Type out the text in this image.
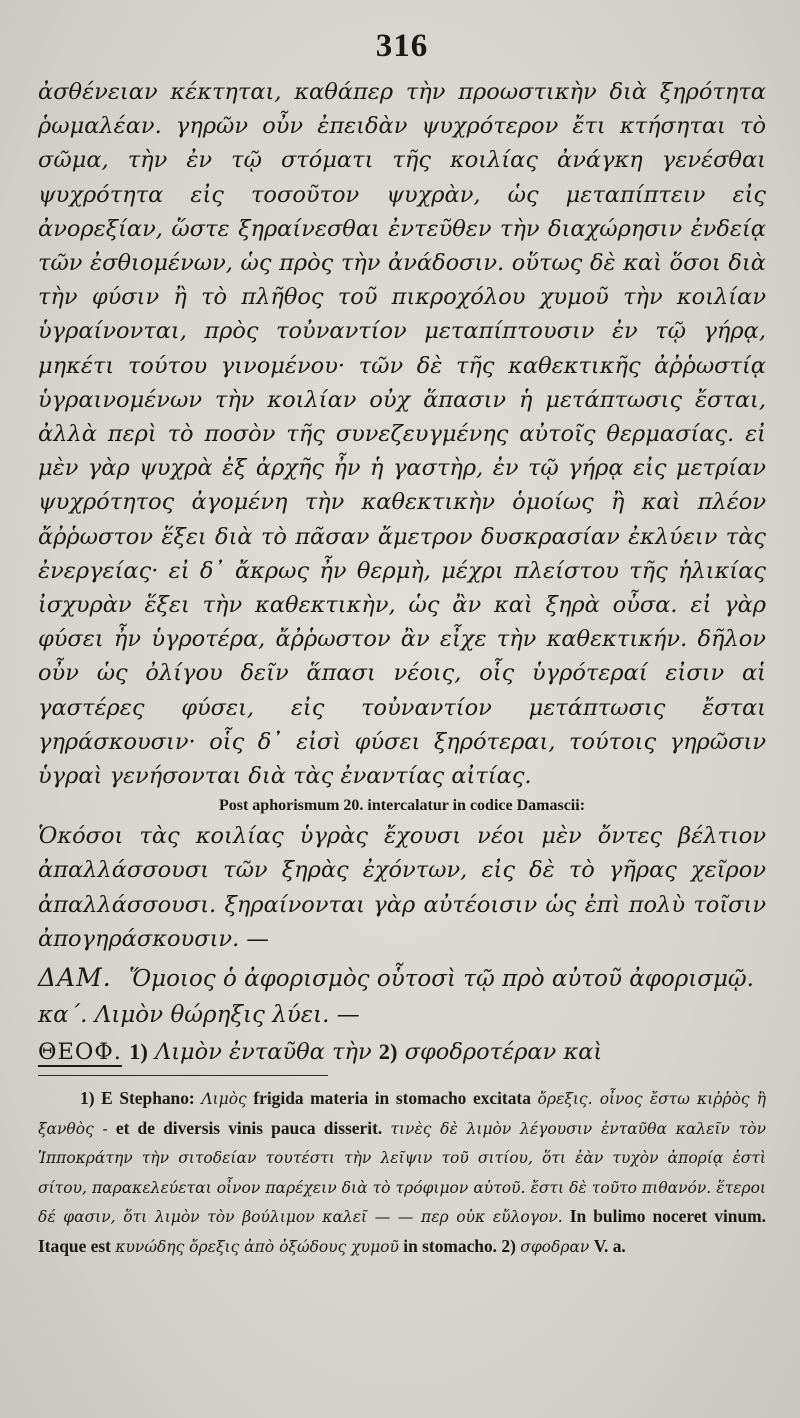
316

ἀσθένειαν κέκτηται, καθάπερ τὴν προωστικὴν διὰ ξηρότητα ῥωμαλέαν. γηρῶν οὖν ἐπειδὰν ψυχρότερον ἔτι κτήσηται τὸ σῶμα, τὴν ἐν τῷ στόματι τῆς κοιλίας ἀνάγκη γενέσθαι ψυχρότητα εἰς τοσοῦτον ψυχρὰν, ὡς μεταπίπτειν εἰς ἀνορεξίαν, ὥστε ξηραίνεσθαι ἐντεῦθεν τὴν διαχώρησιν ἐνδείᾳ τῶν ἐσθιομένων, ὡς πρὸς τὴν ἀνάδοσιν. οὕτως δὲ καὶ ὅσοι διὰ τὴν φύσιν ἢ τὸ πλῆθος τοῦ πικροχόλου χυμοῦ τὴν κοιλίαν ὑγραίνονται, πρὸς τοὐναντίον μεταπίπτουσιν ἐν τῷ γήρᾳ, μηκέτι τούτου γινομένου· τῶν δὲ τῆς καθεκτικῆς ἀῤῥωστίᾳ ὑγραινομένων τὴν κοιλίαν οὐχ ἅπασιν ἡ μετάπτωσις ἔσται, ἀλλὰ περὶ τὸ ποσὸν τῆς συνεζευγμένης αὐτοῖς θερμασίας. εἰ μὲν γὰρ ψυχρὰ ἐξ ἀρχῆς ἦν ἡ γαστὴρ, ἐν τῷ γήρᾳ εἰς μετρίαν ψυχρότητος ἀγομένη τὴν καθεκτικὴν ὁμοίως ἢ καὶ πλέον ἄῤῥωστον ἕξει διὰ τὸ πᾶσαν ἄμετρον δυσκρασίαν ἐκλύειν τὰς ἐνεργείας· εἰ δ᾽ ἄκρως ἦν θερμὴ, μέχρι πλείστου τῆς ἡλικίας ἰσχυρὰν ἕξει τὴν καθεκτικὴν, ὡς ἂν καὶ ξηρὰ οὖσα. εἰ γὰρ φύσει ἦν ὑγροτέρα, ἄῤῥωστον ἂν εἶχε τὴν καθεκτικήν. δῆλον οὖν ὡς ὀλίγου δεῖν ἅπασι νέοις, οἷς ὑγρότεραί εἰσιν αἱ γαστέρες φύσει, εἰς τοὐναντίον μετάπτωσις ἔσται γηράσκουσιν· οἷς δ᾽ εἰσὶ φύσει ξηρότεραι, τούτοις γηρῶσιν ὑγραὶ γενήσονται διὰ τὰς ἐναντίας αἰτίας.

Post aphorismum 20. intercalatur in codice Damascii:

Ὁκόσοι τὰς κοιλίας ὑγρὰς ἔχουσι νέοι μὲν ὄντες βέλτιον ἀπαλλάσσουσι τῶν ξηρὰς ἐχόντων, εἰς δὲ τὸ γῆρας χεῖρον ἀπαλλάσσουσι. ξηραίνονται γὰρ αὐτέοισιν ὡς ἐπὶ πολὺ τοῖσιν ἀπογηράσκουσιν. —

ΔΑΜ. Ὅμοιος ὁ ἀφορισμὸς οὗτοσὶ τῷ πρὸ αὐτοῦ ἀφορισμῷ.

κα΄. Λιμὸν θώρηξις λύει. —

ΘΕΟΦ. 1) Λιμὸν ἐνταῦθα τὴν 2) σφοδροτέραν καὶ

1) E Stephano: Λιμὸς frigida materia in stomacho excitata ὄρεξις. οἶνος ἔστω κιῤῥὸς ἢ ξανθὸς - et de diversis vinis pauca disserit. τινὲς δὲ λιμὸν λέγουσιν ἐνταῦθα καλεῖν τὸν Ἱπποκράτην τὴν σιτοδείαν τουτέστι τὴν λεῖψιν τοῦ σιτίου, ὅτι ἐὰν τυχὸν ἀπορίᾳ ἐστὶ σίτου, παρακελεύεται οἶνον παρέχειν διὰ τὸ τρόφιμον αὐτοῦ. ἔστι δὲ τοῦτο πιθανόν. ἕτεροι δέ φασιν, ὅτι λιμὸν τὸν βούλιμον καλεῖ — — περ οὐκ εὔλογον. In bulimo noceret vinum. Itaque est κυνώδης ὄρεξις ἀπὸ ὀξώδους χυμοῦ in stomacho. 2) σφοδραν V. a.
